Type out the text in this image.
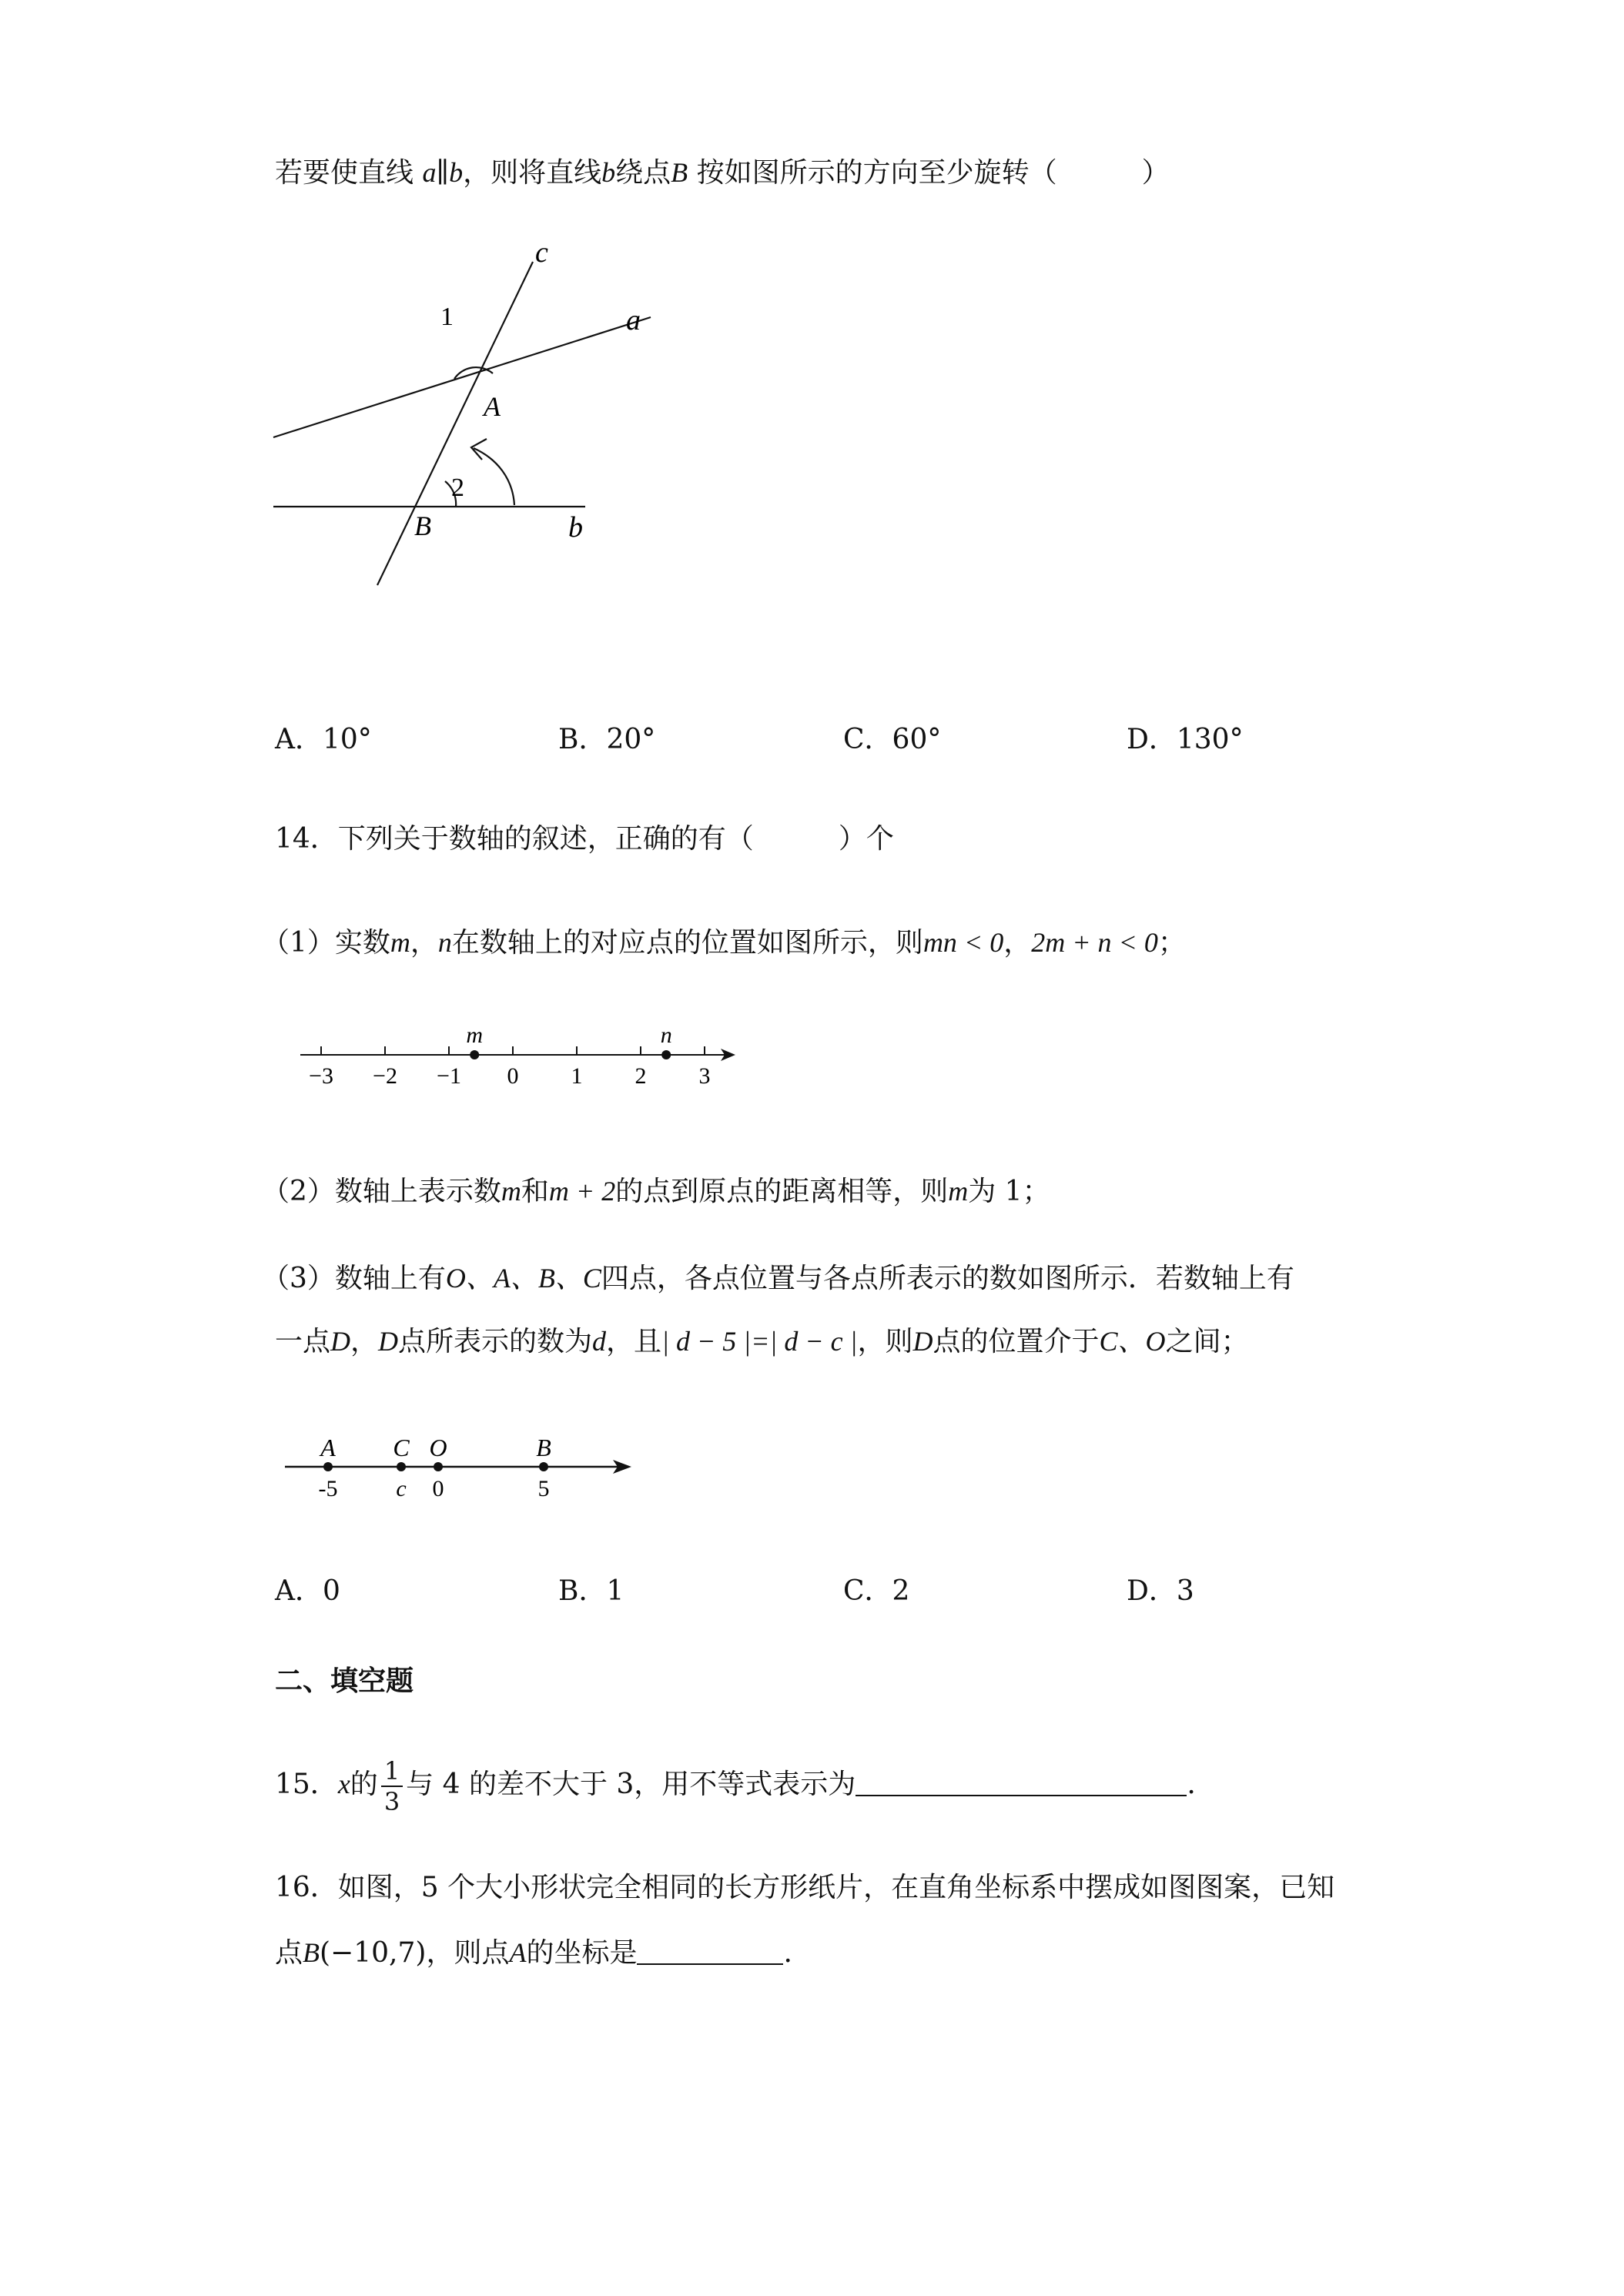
若要使直线 a∥b，则将直线b绕点B 按如图所示的方向至少旋转（	）
c
a
1
A
2
B	b
A．10°	B．20°	C．60°	D．130°
14．下列关于数轴的叙述，正确的有（	）个
（1）实数m，n在数轴上的对应点的位置如图所示，则mn < 0，2m + n < 0；
−3 −2 −1 0 1 2 3
m	n
（2）数轴上表示数m和m + 2的点到原点的距离相等，则m为 1；
（3）数轴上有O、A、B、C四点，各点位置与各点所表示的数如图所示．若数轴上有
一点D，D点所表示的数为d，且| d − 5 |=| d − c |，则D点的位置介于C、O之间；
A
-5
C
c
O
0
B
5
A．0	B．1	C．2	D．3
二、填空题
15．x的 $\frac{1}{3}$ 与 4 的差不大于 3，用不等式表示为	.
16．如图，5 个大小形状完全相同的长方形纸片，在直角坐标系中摆成如图图案，已知
点B(−10,7)，则点A的坐标是	.
